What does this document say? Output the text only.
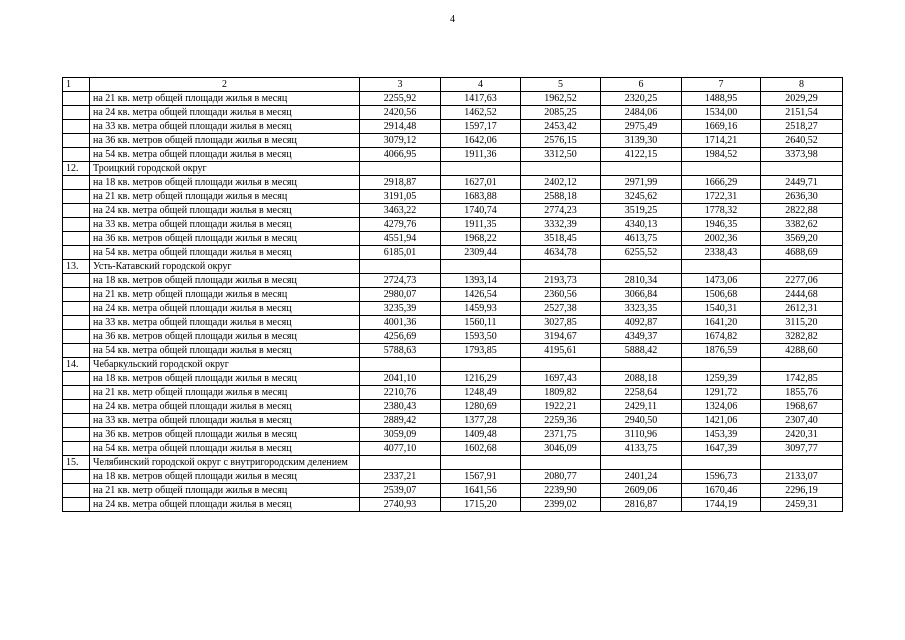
4
1	2	3	4	5	6	7	8
	на 21 кв. метр общей площади жилья в месяц	2255,92	1417,63	1962,52	2320,25	1488,95	2029,29
	на 24 кв. метра общей площади жилья в месяц	2420,56	1462,52	2085,25	2484,06	1534,00	2151,54
	на 33 кв. метра общей площади жилья в месяц	2914,48	1597,17	2453,42	2975,49	1669,16	2518,27
	на 36 кв. метров общей площади жилья в месяц	3079,12	1642,06	2576,15	3139,30	1714,21	2640,52
	на 54 кв. метра общей площади жилья в месяц	4066,95	1911,36	3312,50	4122,15	1984,52	3373,98
12.	Троицкий городской округ						
	на 18 кв. метров общей площади жилья в месяц	2918,87	1627,01	2402,12	2971,99	1666,29	2449,71
	на 21 кв. метр общей площади жилья в месяц	3191,05	1683,88	2588,18	3245,62	1722,31	2636,30
	на 24 кв. метра общей площади жилья в месяц	3463,22	1740,74	2774,23	3519,25	1778,32	2822,88
	на 33 кв. метра общей площади жилья в месяц	4279,76	1911,35	3332,39	4340,13	1946,35	3382,62
	на 36 кв. метров общей площади жилья в месяц	4551,94	1968,22	3518,45	4613,75	2002,36	3569,20
	на 54 кв. метра общей площади жилья в месяц	6185,01	2309,44	4634,78	6255,52	2338,43	4688,69
13.	Усть-Катавский городской округ						
	на 18 кв. метров общей площади жилья в месяц	2724,73	1393,14	2193,73	2810,34	1473,06	2277,06
	на 21 кв. метр общей площади жилья в месяц	2980,07	1426,54	2360,56	3066,84	1506,68	2444,68
	на 24 кв. метра общей площади жилья в месяц	3235,39	1459,93	2527,38	3323,35	1540,31	2612,31
	на 33 кв. метра общей площади жилья в месяц	4001,36	1560,11	3027,85	4092,87	1641,20	3115,20
	на 36 кв. метров общей площади жилья в месяц	4256,69	1593,50	3194,67	4349,37	1674,82	3282,82
	на 54 кв. метра общей площади жилья в месяц	5788,63	1793,85	4195,61	5888,42	1876,59	4288,60
14.	Чебаркульский городской округ						
	на 18 кв. метров общей площади жилья в месяц	2041,10	1216,29	1697,43	2088,18	1259,39	1742,85
	на 21 кв. метр общей площади жилья в месяц	2210,76	1248,49	1809,82	2258,64	1291,72	1855,76
	на 24 кв. метра общей площади жилья в месяц	2380,43	1280,69	1922,21	2429,11	1324,06	1968,67
	на 33 кв. метра общей площади жилья в месяц	2889,42	1377,28	2259,36	2940,50	1421,06	2307,40
	на 36 кв. метров общей площади жилья в месяц	3059,09	1409,48	2371,75	3110,96	1453,39	2420,31
	на 54 кв. метра общей площади жилья в месяц	4077,10	1602,68	3046,09	4133,75	1647,39	3097,77
15.	Челябинский городской округ с внутригородским делением						
	на 18 кв. метров общей площади жилья в месяц	2337,21	1567,91	2080,77	2401,24	1596,73	2133,07
	на 21 кв. метр общей площади жилья в месяц	2539,07	1641,56	2239,90	2609,06	1670,46	2296,19
	на 24 кв. метра общей площади жилья в месяц	2740,93	1715,20	2399,02	2816,87	1744,19	2459,31
